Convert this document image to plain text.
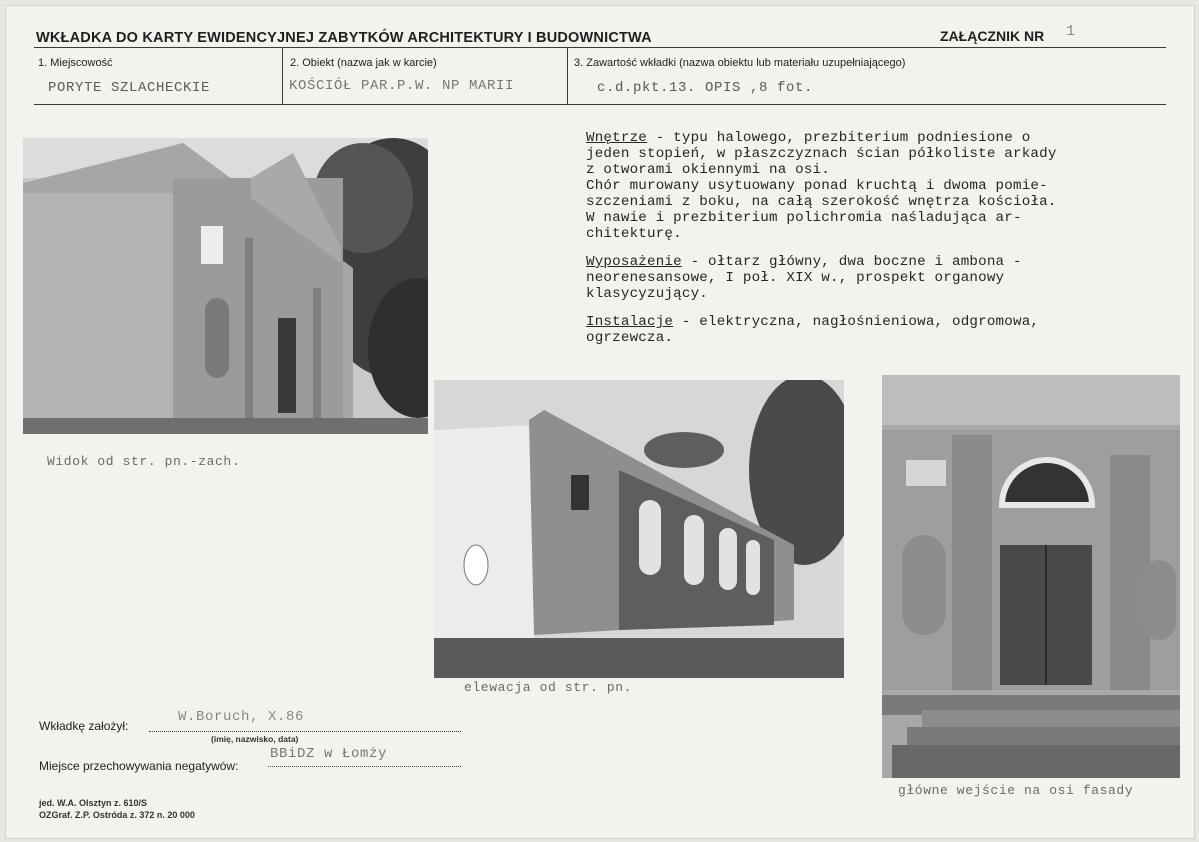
WKŁADKA DO KARTY EWIDENCYJNEJ ZABYTKÓW ARCHITEKTURY I BUDOWNICTWA	ZAŁĄCZNIK NR 1
1. Miejscowość
PORYTE SZLACHECKIE
2. Obiekt (nazwa jak w karcie)
KOŚCIÓŁ PAR.P.W. NP MARII
3. Zawartość wkładki (nazwa obiektu lub materiału uzupełniającego)
c.d.pkt.13. OPIS ,8 fot.

Wnętrze - typu halowego, prezbiterium podniesione o
jeden stopień, w płaszczyznach ścian półkoliste arkady
z otworami okiennymi na osi.
Chór murowany usytuowany ponad kruchtą i dwoma pomie-
szczeniami z boku, na całą szerokość wnętrza kościoła.
W nawie i prezbiterium polichromia naśladująca ar-
chitekturę.

Wyposażenie - ołtarz główny, dwa boczne i ambona -
neorenesansowe, I poł. XIX w., prospekt organowy
klasycyzujący.

Instalacje - elektryczna, nagłośnieniowa, odgromowa,
ogrzewcza.

Widok od str. pn.-zach.
elewacja od str. pn.
główne wejście na osi fasady
Wkładkę założył:
W.Boruch, X.86
(imię, nazwisko, data)
Miejsce przechowywania negatywów:
BBiDZ w Łomży
jed. W.A. Olsztyn z. 610/S
OZGraf. Z.P. Ostróda z. 372 n. 20 000
